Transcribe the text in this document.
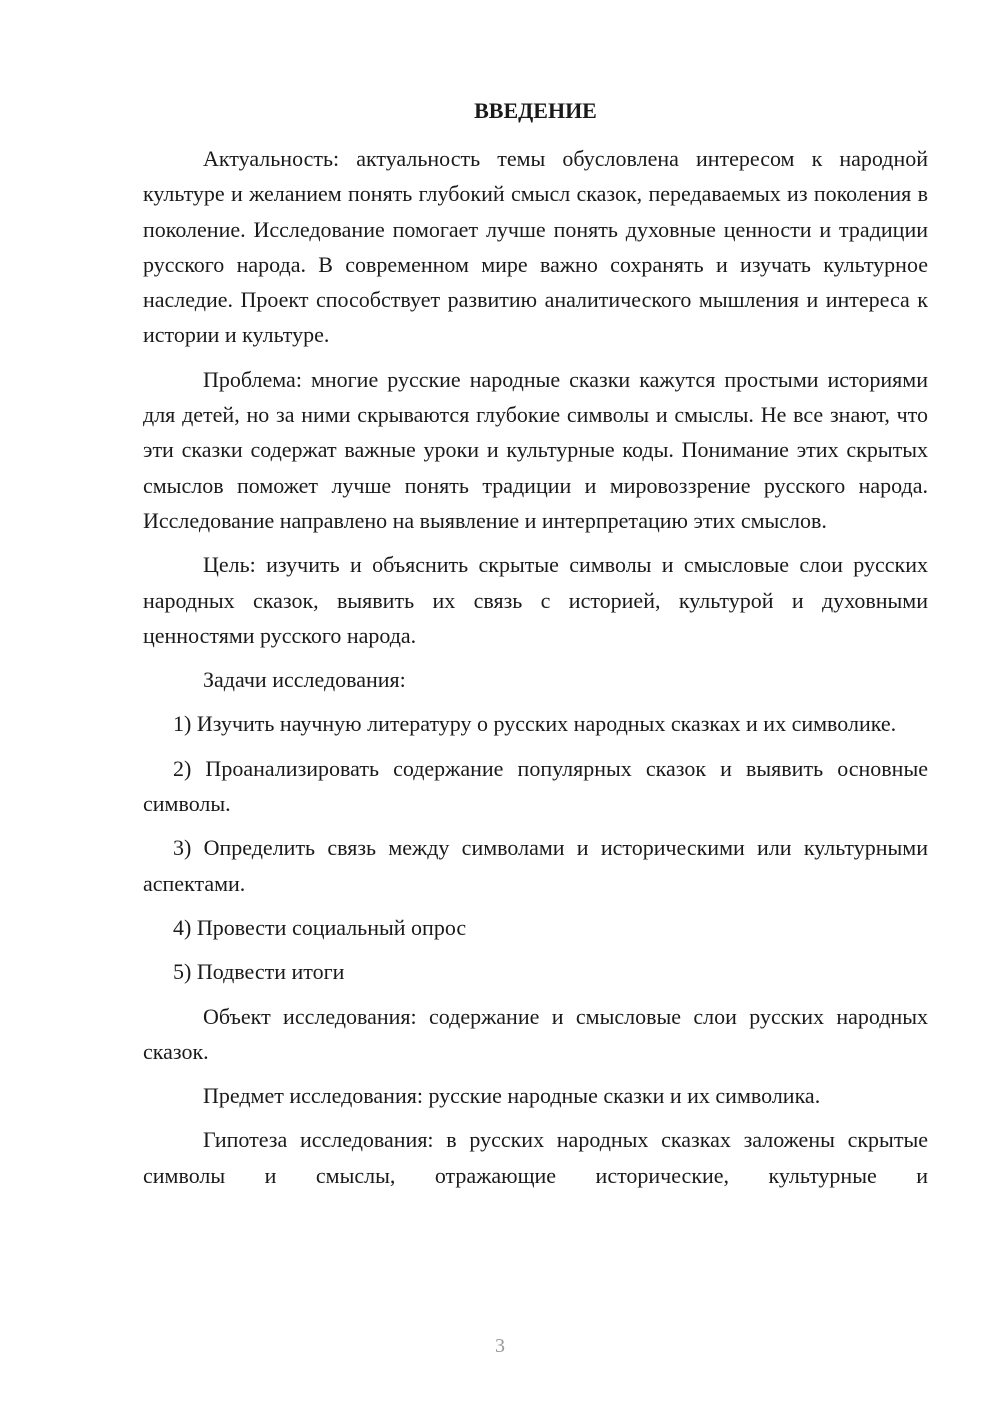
ВВЕДЕНИЕ

Актуальность: актуальность темы обусловлена интересом к народной культуре и желанием понять глубокий смысл сказок, передаваемых из поколения в поколение. Исследование помогает лучше понять духовные ценности и традиции русского народа. В современном мире важно сохранять и изучать культурное наследие. Проект способствует развитию аналитического мышления и интереса к истории и культуре.

Проблема: многие русские народные сказки кажутся простыми историями для детей, но за ними скрываются глубокие символы и смыслы. Не все знают, что эти сказки содержат важные уроки и культурные коды. Понимание этих скрытых смыслов поможет лучше понять традиции и мировоззрение русского народа. Исследование направлено на выявление и интерпретацию этих смыслов.

Цель: изучить и объяснить скрытые символы и смысловые слои русских народных сказок, выявить их связь с историей, культурой и духовными ценностями русского народа.

Задачи исследования:

1) Изучить научную литературу о русских народных сказках и их символике.

2) Проанализировать содержание популярных сказок и выявить основные символы.

3) Определить связь между символами и историческими или культурными аспектами.

4) Провести социальный опрос

5) Подвести итоги

Объект исследования: содержание и смысловые слои русских народных сказок.

Предмет исследования: русские народные сказки и их символика.

Гипотеза исследования: в русских народных сказках заложены скрытые символы и смыслы, отражающие исторические, культурные и

3
